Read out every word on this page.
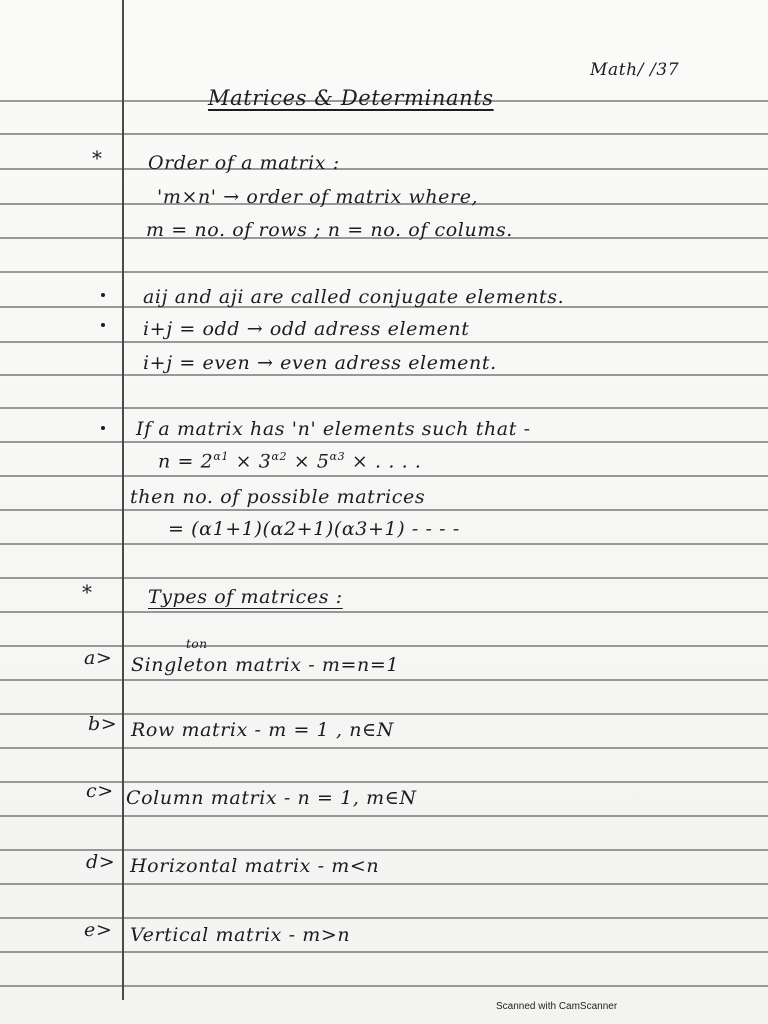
Math/ /37
Matrices & Determinants
* Order of a matrix :
'm×n' → order of matrix where,
m = no. of rows ; n = no. of colums.
aij and aji are called conjugate elements.
i+j = odd → odd adress element
i+j = even → even adress element.
If a matrix has 'n' elements such that -
$n = 2^{\alpha 1} \times 3^{\alpha 2} \times 5^{\alpha 3}$ × . . . .
then no. of possible matrices
= (α1+1)(α2+1)(α3+1) - - - -
*	Types of matrices :
a>
ton
Singleton matrix - m=n=1
b> Row matrix - m = 1 , n∈N
c> Column matrix - n = 1, m∈N
d> Horizontal matrix - m<n
e> Vertical matrix - m>n
Scanned with CamScanner
